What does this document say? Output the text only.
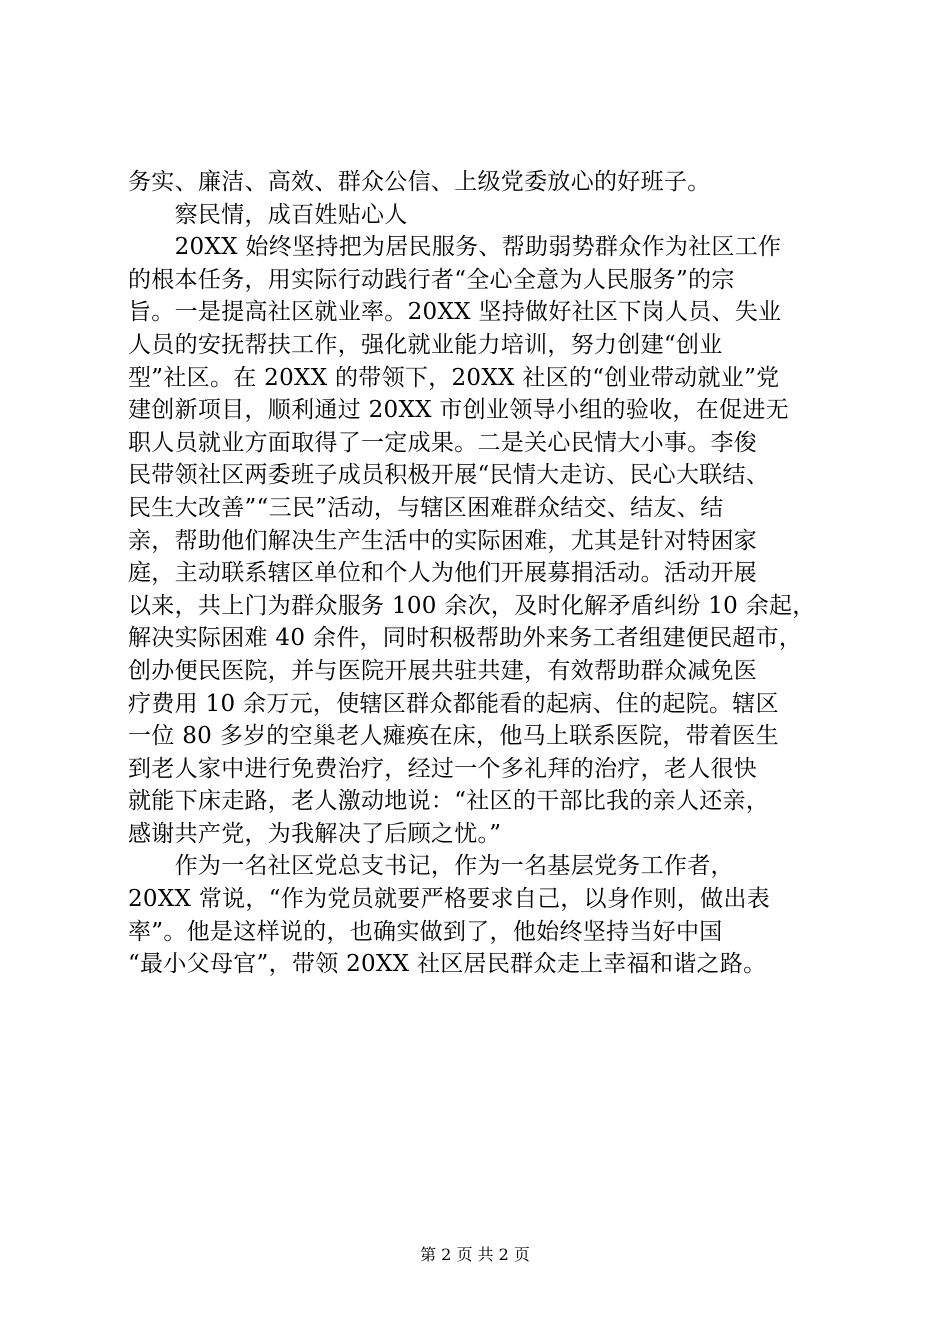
务实、廉洁、高效、群众公信、上级党委放心的好班子。
　　察民情，成百姓贴心人
　　20XX 始终坚持把为居民服务、帮助弱势群众作为社区工作
的根本任务，用实际行动践行者“全心全意为人民服务”的宗
旨。一是提高社区就业率。20XX 坚持做好社区下岗人员、失业
人员的安抚帮扶工作，强化就业能力培训，努力创建“创业
型”社区。在 20XX 的带领下，20XX 社区的“创业带动就业”党
建创新项目，顺利通过 20XX 市创业领导小组的验收，在促进无
职人员就业方面取得了一定成果。二是关心民情大小事。李俊
民带领社区两委班子成员积极开展“民情大走访、民心大联结、
民生大改善”“三民”活动，与辖区困难群众结交、结友、结
亲，帮助他们解决生产生活中的实际困难，尤其是针对特困家
庭，主动联系辖区单位和个人为他们开展募捐活动。活动开展
以来，共上门为群众服务 100 余次，及时化解矛盾纠纷 10 余起，
解决实际困难 40 余件，同时积极帮助外来务工者组建便民超市，
创办便民医院，并与医院开展共驻共建，有效帮助群众减免医
疗费用 10 余万元，使辖区群众都能看的起病、住的起院。辖区
一位 80 多岁的空巢老人瘫痪在床，他马上联系医院，带着医生
到老人家中进行免费治疗，经过一个多礼拜的治疗，老人很快
就能下床走路，老人激动地说：“社区的干部比我的亲人还亲，
感谢共产党，为我解决了后顾之忧。”
　　作为一名社区党总支书记，作为一名基层党务工作者，
20XX 常说，“作为党员就要严格要求自己，以身作则，做出表
率”。他是这样说的，也确实做到了，他始终坚持当好中国
“最小父母官”，带领 20XX 社区居民群众走上幸福和谐之路。
第 2 页 共 2 页
